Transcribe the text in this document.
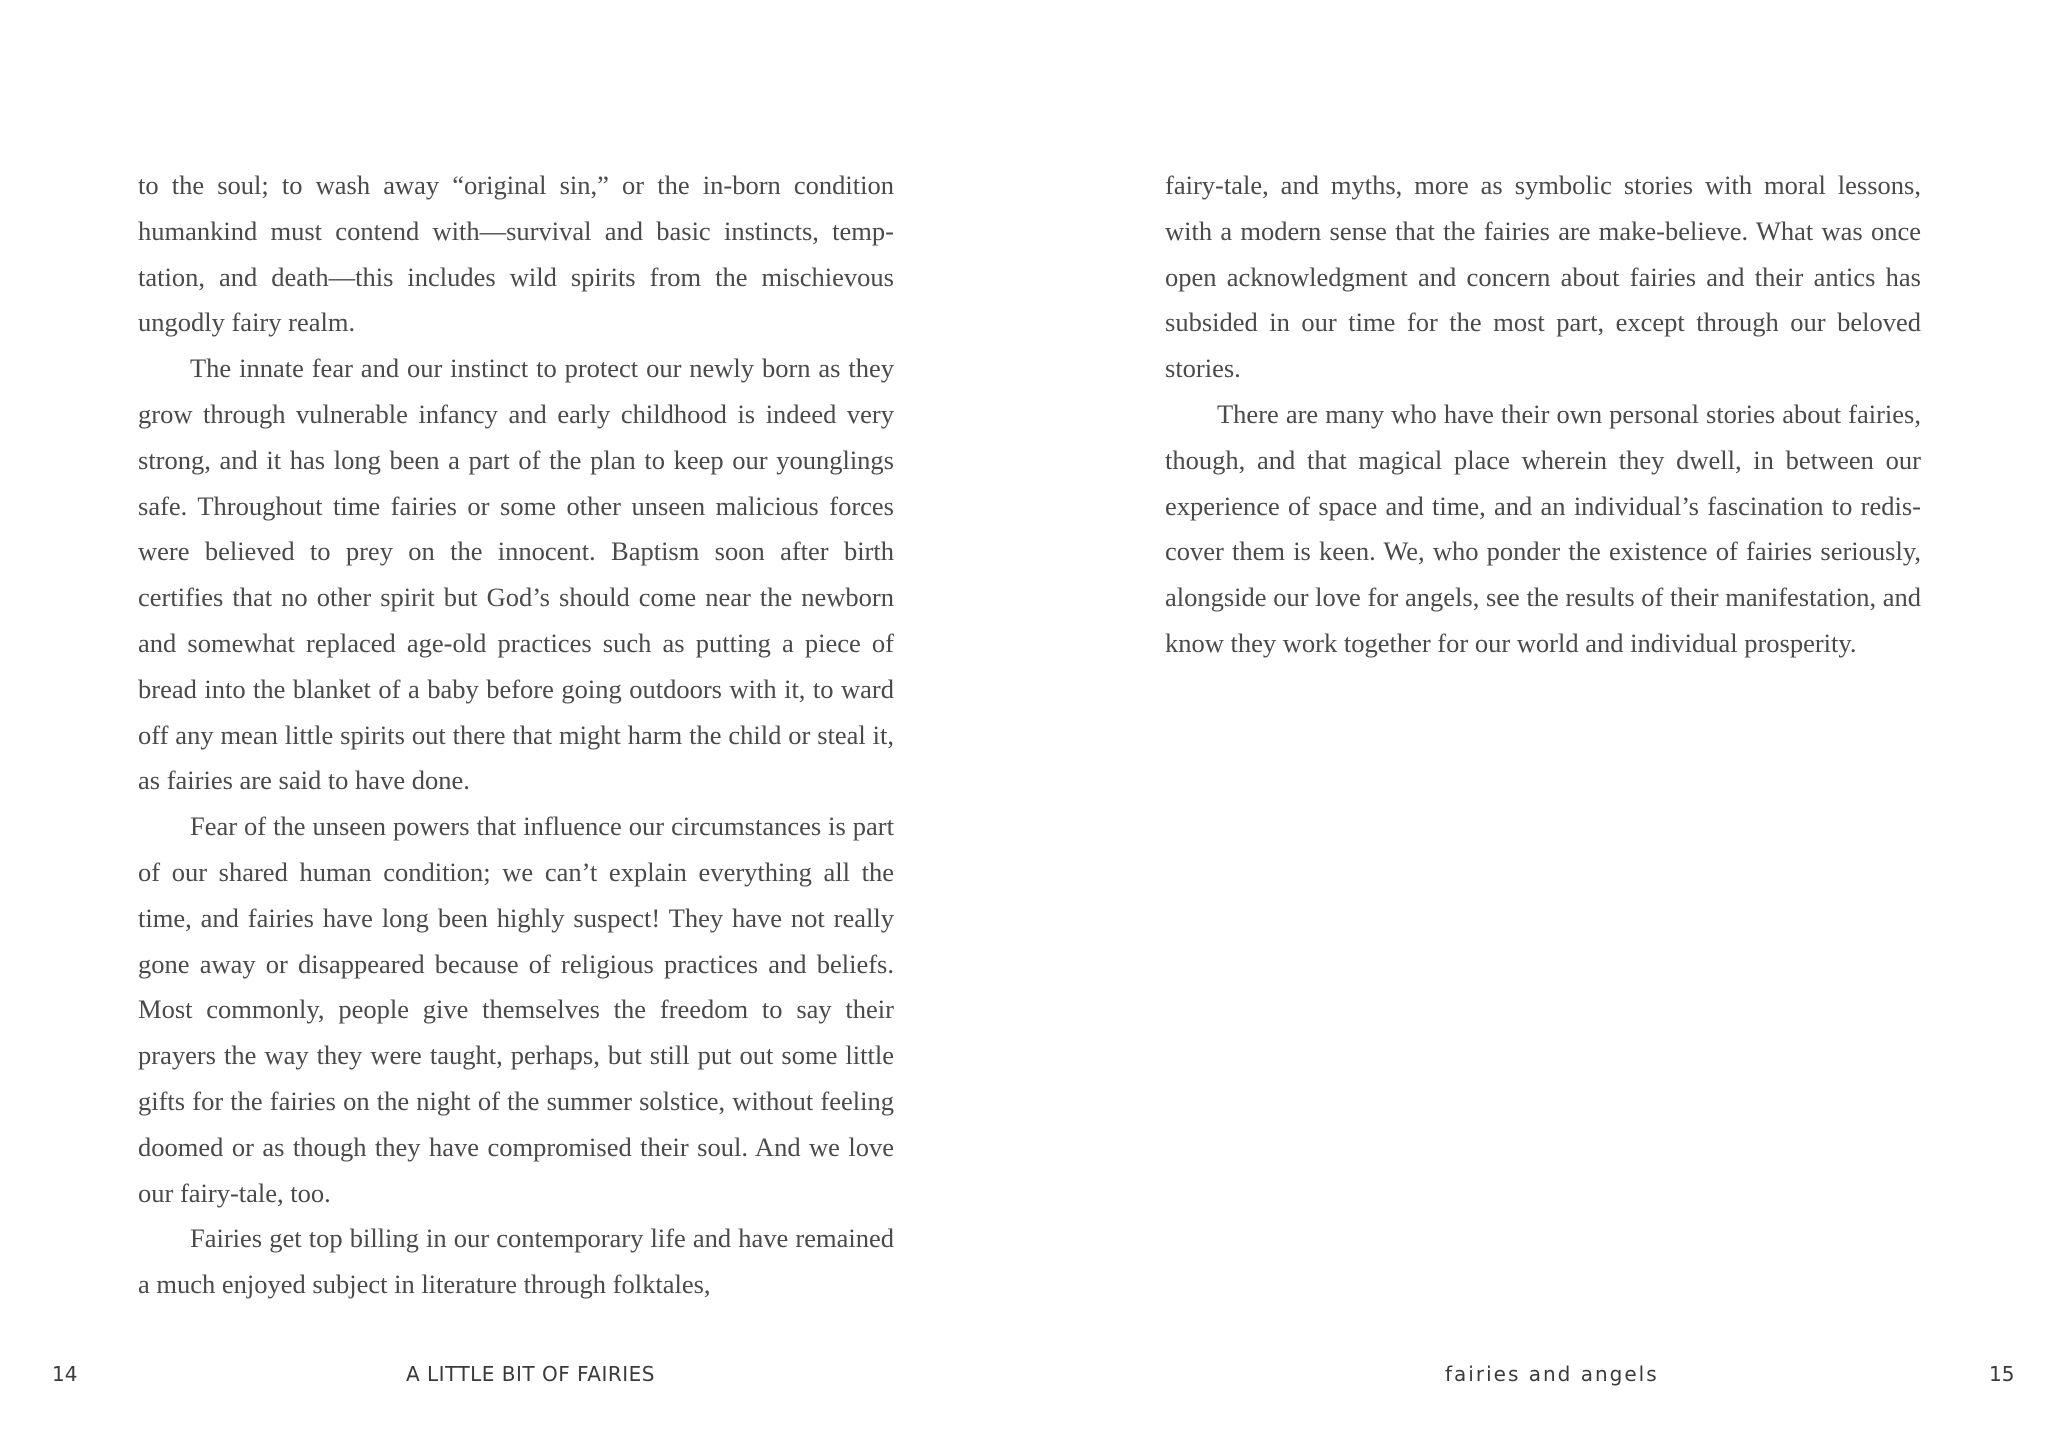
to the soul; to wash away “original sin,” or the in-born condition humankind must contend with—survival and basic instincts, temptation, and death—this includes wild spirits from the mischievous ungodly fairy realm.

The innate fear and our instinct to protect our newly born as they grow through vulnerable infancy and early childhood is indeed very strong, and it has long been a part of the plan to keep our younglings safe. Throughout time fairies or some other unseen malicious forces were believed to prey on the innocent. Baptism soon after birth certifies that no other spirit but God’s should come near the newborn and somewhat replaced age-old practices such as putting a piece of bread into the blanket of a baby before going outdoors with it, to ward off any mean little spirits out there that might harm the child or steal it, as fairies are said to have done.

Fear of the unseen powers that influence our circumstances is part of our shared human condition; we can’t explain everything all the time, and fairies have long been highly suspect! They have not really gone away or disappeared because of religious practices and beliefs. Most commonly, people give themselves the freedom to say their prayers the way they were taught, perhaps, but still put out some little gifts for the fairies on the night of the summer solstice, without feeling doomed or as though they have compromised their soul. And we love our fairy-tale, too.

Fairies get top billing in our contemporary life and have remained a much enjoyed subject in literature through folktales,

14	A LITTLE BIT OF FAIRIES

fairy-tale, and myths, more as symbolic stories with moral lessons, with a modern sense that the fairies are make-believe. What was once open acknowledgment and concern about fairies and their antics has subsided in our time for the most part, except through our beloved stories.

There are many who have their own personal stories about fairies, though, and that magical place wherein they dwell, in between our experience of space and time, and an individual’s fascination to rediscover them is keen. We, who ponder the existence of fairies seriously, alongside our love for angels, see the results of their manifestation, and know they work together for our world and individual prosperity.

fairies and angels	15
